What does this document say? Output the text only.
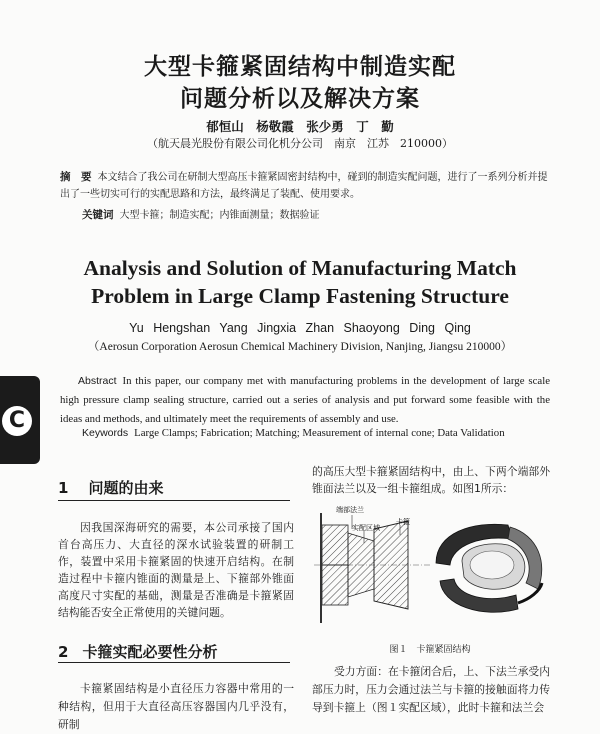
大型卡箍紧固结构中制造实配
问题分析以及解决方案
郁恒山　杨敬霞　张少勇　丁　勤
（航天晨光股份有限公司化机分公司　南京　江苏　210000）
摘　要 本文结合了我公司在研制大型高压卡箍紧固密封结构中，碰到的制造实配问题，进行了一系列分析并提出了一些切实可行的实配思路和方法，最终满足了装配、使用要求。
关键词 大型卡箍；制造实配；内锥面测量；数据验证
Analysis and Solution of Manufacturing Match
Problem in Large Clamp Fastening Structure
Yu Hengshan Yang Jingxia Zhan Shaoyong Ding Qing
（Aerosun Corporation Aerosun Chemical Machinery Division, Nanjing, Jiangsu 210000）
Abstract In this paper, our company met with manufacturing problems in the development of large scale high pressure clamp sealing structure, carried out a series of analysis and put forward some feasible with the ideas and methods, and ultimately meet the requirements of assembly and use.
Keywords Large Clamps; Fabrication; Matching; Measurement of internal cone; Data Validation
C
1 问题的由来
因我国深海研究的需要，本公司承接了国内首台高压力、大直径的深水试验装置的研制工作，装置中采用卡箍紧固的快速开启结构。在制造过程中卡箍内锥面的测量是上、下箍部外锥面高度尺寸实配的基础，测量是否准确是卡箍紧固结构能否安全正常使用的关键问题。
2 卡箍实配必要性分析
卡箍紧固结构是小直径压力容器中常用的一种结构，但用于大直径高压容器国内几乎没有，研制
的高压大型卡箍紧固结构中，由上、下两个端部外锥面法兰以及一组卡箍组成。如图1所示：
端部法兰
实配区域
卡箍
图１　卡箍紧固结构
受力方面：在卡箍闭合后，上、下法兰承受内部压力时，压力会通过法兰与卡箍的接触面将力传导到卡箍上（图１实配区域），此时卡箍和法兰会
